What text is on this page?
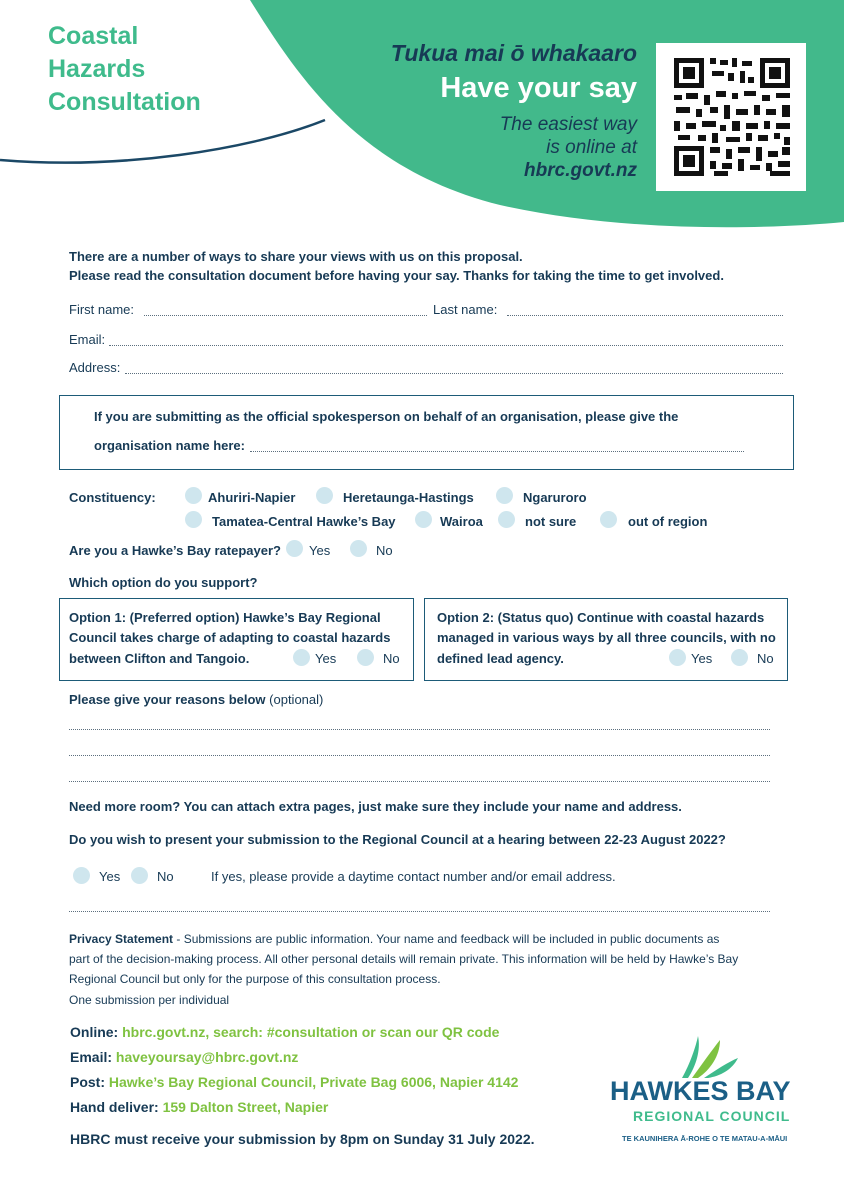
Coastal
Hazards
Consultation
Tukua mai ō whakaaro
Have your say
The easiest way
is online at
hbrc.govt.nz
There are a number of ways to share your views with us on this proposal.
Please read the consultation document before having your say. Thanks for taking the time to get involved.
First name:	Last name:
Email:
Address:
If you are submitting as the official spokesperson on behalf of an organisation, please give the
organisation name here:
Constituency:	Ahuriri-Napier	Heretaunga-Hastings	Ngaruroro
Tamatea-Central Hawke’s Bay	Wairoa	not sure	out of region
Are you a Hawke’s Bay ratepayer? Yes	No
Which option do you support?
Option 1: (Preferred option) Hawke’s Bay Regional
Council takes charge of adapting to coastal hazards
between Clifton and Tangoio.	Yes	No
Option 2: (Status quo) Continue with coastal hazards
managed in various ways by all three councils, with no
defined lead agency.	Yes	No
Please give your reasons below (optional)
Need more room? You can attach extra pages, just make sure they include your name and address.
Do you wish to present your submission to the Regional Council at a hearing between 22-23 August 2022?
Yes	No	If yes, please provide a daytime contact number and/or email address.
Privacy Statement - Submissions are public information. Your name and feedback will be included in public documents as
part of the decision-making process. All other personal details will remain private. This information will be held by Hawke’s Bay
Regional Council but only for the purpose of this consultation process.
One submission per individual
Online: hbrc.govt.nz, search: #consultation or scan our QR code
Email: haveyoursay@hbrc.govt.nz
Post: Hawke’s Bay Regional Council, Private Bag 6006, Napier 4142
Hand deliver: 159 Dalton Street, Napier
HBRC must receive your submission by 8pm on Sunday 31 July 2022.
HAWKES BAY
REGIONAL COUNCIL
TE KAUNIHERA Ā-ROHE O TE MATAU-A-MĀUI
